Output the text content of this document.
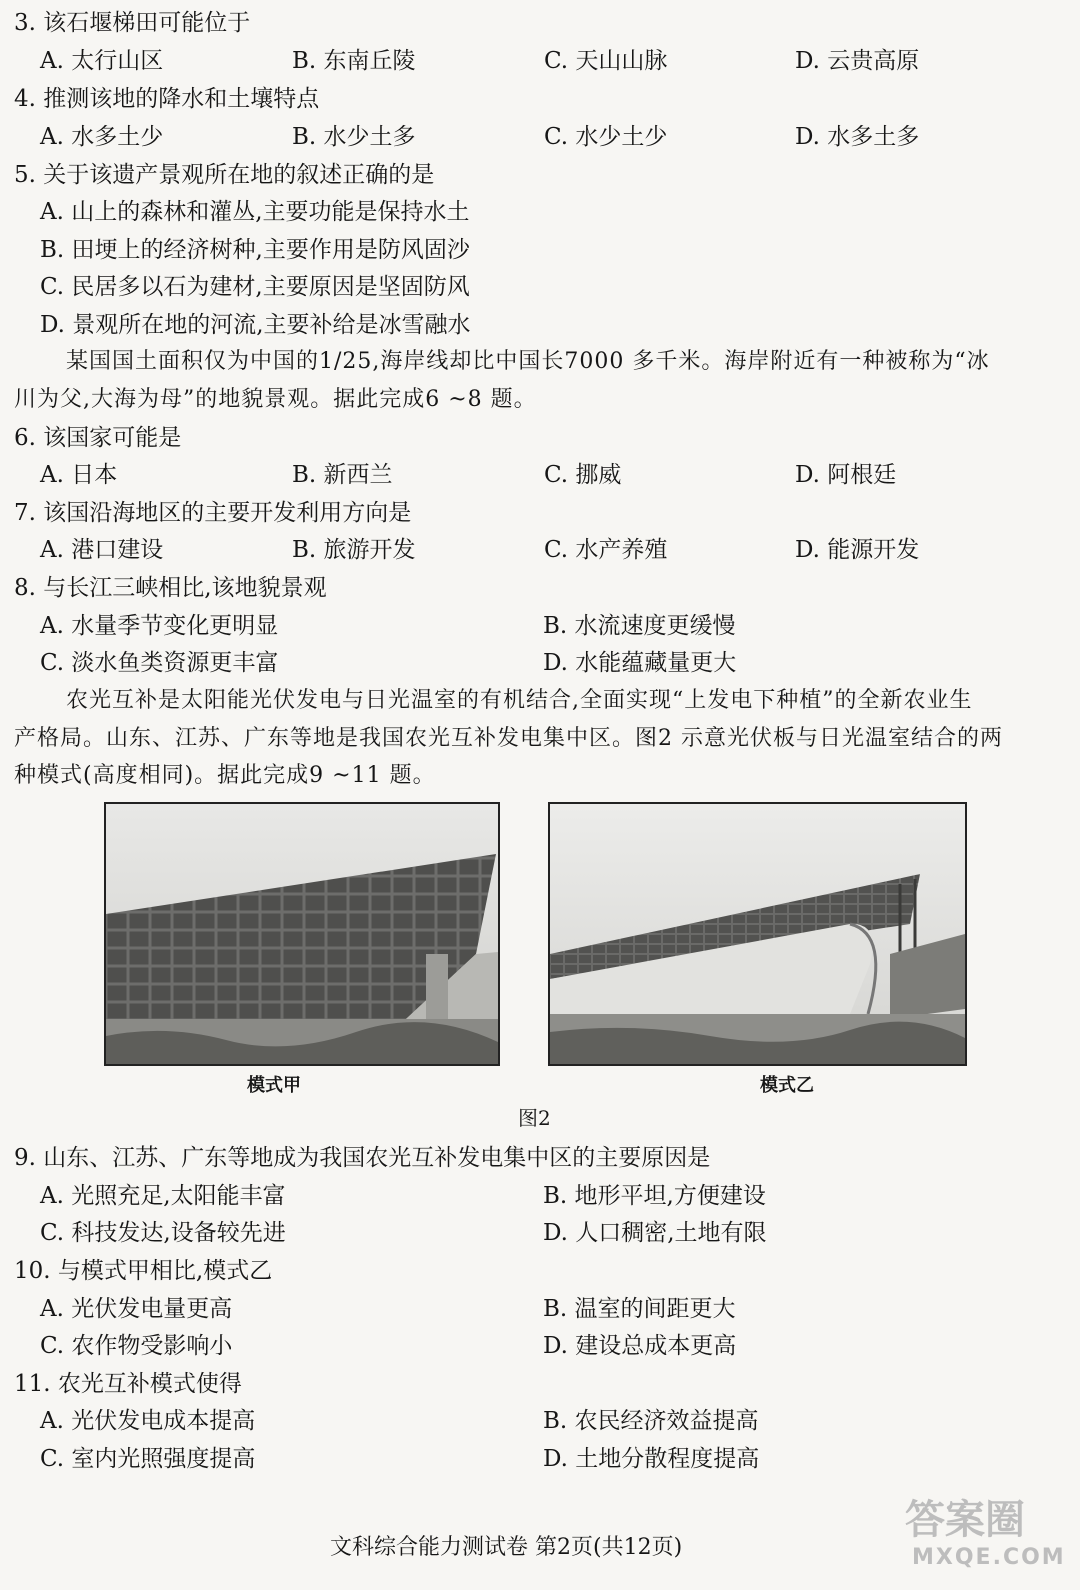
3. 该石堰梯田可能位于
A. 太行山区	B. 东南丘陵	C. 天山山脉	D. 云贵高原
4. 推测该地的降水和土壤特点
A. 水多土少	B. 水少土多	C. 水少土少	D. 水多土多
5. 关于该遗产景观所在地的叙述正确的是
A. 山上的森林和灌丛,主要功能是保持水土
B. 田埂上的经济树种,主要作用是防风固沙
C. 民居多以石为建材,主要原因是坚固防风
D. 景观所在地的河流,主要补给是冰雪融水
某国国土面积仅为中国的1/25,海岸线却比中国长7000 多千米。海岸附近有一种被称为“冰
川为父,大海为母”的地貌景观。据此完成6 ~8 题。
6. 该国家可能是
A. 日本	B. 新西兰	C. 挪威	D. 阿根廷
7. 该国沿海地区的主要开发利用方向是
A. 港口建设	B. 旅游开发	C. 水产养殖	D. 能源开发
8. 与长江三峡相比,该地貌景观
A. 水量季节变化更明显	B. 水流速度更缓慢
C. 淡水鱼类资源更丰富	D. 水能蕴藏量更大
农光互补是太阳能光伏发电与日光温室的有机结合,全面实现“上发电下种植”的全新农业生
产格局。山东、江苏、广东等地是我国农光互补发电集中区。图2 示意光伏板与日光温室结合的两
种模式(高度相同)。据此完成9 ~11 题。
模式甲	模式乙
图2
9. 山东、江苏、广东等地成为我国农光互补发电集中区的主要原因是
A. 光照充足,太阳能丰富	B. 地形平坦,方便建设
C. 科技发达,设备较先进	D. 人口稠密,土地有限
10. 与模式甲相比,模式乙
A. 光伏发电量更高	B. 温室的间距更大
C. 农作物受影响小	D. 建设总成本更高
11. 农光互补模式使得
A. 光伏发电成本提高	B. 农民经济效益提高
C. 室内光照强度提高	D. 土地分散程度提高
文科综合能力测试卷 第2页(共12页)
答案圈
MXQE.COM
